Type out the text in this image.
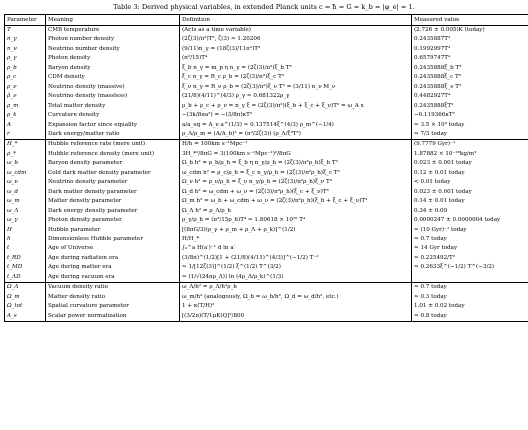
Table 3: Derived physical variables, in extended Planck units c = ħ = G = k_b = |φ_e| = 1.
Parameter	Meaning	Definition	Measured value
T	CMB temperature	(Acts as a time variable)	(2.726 ± 0.005)K (today)
n_γ	Photon number density	(2ζ(3)/π²)T³, ζ(3) ≈ 1.20206	0.2435887T³
n_ν	Neutrino number density	(9/11)n_γ = (18ζ(3)/11π²)T³	0.1992997T³
ρ_γ	Photon density	(π²/15)T⁴	0.6579747T⁴
ρ_b	Baryon density	ξ_b n_γ = m_p η n_γ = (2ζ(3)/π²)ξ_b T³	0.2435888ξ_b T³
ρ_c	CDM density	ξ_c n_γ = R_c ρ_b = (2ζ(3)/π²)ξ_c T³	0.2435888ξ_c T³
ρ_ν	Neutrino density (massive)	ξ_ν n_γ = R_ν ρ_b = (2ζ(3)/π²)ξ_ν T³ = (3/11) n_ν M_ν	0.2435888ξ_ν T³
ρ̃_ν	Neutrino density (massless)	(21/8)(4/11)^(4/3) ρ_γ ≈ 0.681322ρ_γ	0.4482927T⁴
ρ_m	Total matter density	ρ_b + ρ_c + ρ_ν = n_γ ξ = (2ζ(3)/π²)(ξ_b + ξ_c + ξ_ν)T³ = ω_A x	0.2435888ξT³
ρ_k	Curvature density	−(3k/8πa²) = −(3/8π)κT²	−0.119366κT²
A	Expansion factor since equality	a/a_eq = A_ν a^(1/3) ≈ 0.137514ξ^(4/3) ρ_m^(−1/4)	≈ 3.5 × 10³ today
r	Dark energy/matter ratio	ρ_Λ/ρ_m = (A/A_b)³ = (π²/2ζ(3)) (ρ_Λ/ξ³T³)	≈ 7/3 today
H_*	Hubble reference rate (mere unit)	H/h = 100km s⁻¹Mpc⁻¹	(9.7779 Gyr)⁻¹
ρ_*	Hubble reference density (mere unit)	3H_*²/8πG = 3(100km s⁻¹Mpc⁻¹)²/8πG	1.87882 × 10⁻²⁶kg/m³
ω_b	Baryon density parameter	Ω_b h² = ρ_b/ρ_h = ξ_b η n_γ/ρ_h = (2ζ(3)/π²ρ_h)ξ_b T³	0.023 ± 0.001 today
ω_cdm	Cold dark matter density parameter	ω_cdm h² = ρ_c/ρ_h = ξ_c n_γ/ρ_h = (2ζ(3)/π²ρ_h)ξ_c T³	0.12 ± 0.01 today
ω_ν	Neutrino density parameter	Ω_ν h² = ρ_ν/ρ_h = ξ_ν n_γ/ρ_h = (2ζ(3)/π²ρ_h)ξ_ν T³	< 0.01 today
ω_d	Dark matter density parameter	Ω_d h² = ω_cdm + ω_ν = (2ζ(3)/π²ρ_h)(ξ_c + ξ_ν)T³	0.023 ± 0.001 today
ω_m	Matter density parameter	Ω_m h² = ω_b + ω_cdm + ω_ν = (2ζ(3)/π²ρ_h)(ξ_b + ξ_c + ξ_ν)T³	0.14 ± 0.01 today
ω_Λ	Dark energy density parameter	Ω_Λ h² = ρ_Λ/ρ_h	0.34 ± 0.09
ω_γ	Photon density parameter	ρ_γ/ρ_h = (π²/15ρ_h)T⁴ ≈ 1.80618 × 10¹⁶ T⁴	0.0000247 ± 0.0000004 today
H	Hubble parameter	[(8πG/3)(ρ_γ + ρ_m + ρ_Λ + ρ_k)]^(1/2)	≈ (10 Gyr)⁻¹ today
h	Dimensionless Hubble parameter	H/H_*	≈ 0.7 today
t	Age of Universe	∫₀^a H(a′)⁻¹ d ln a′	≈ 14 Gyr today
t_RD	Age during radiation era	(3/8π)^(1/2)[1 + (21/8)(4/11)^(4/3)]^(−1/2) T⁻²	≈ 0.225492/T²
t_MD	Age during matter era	≈ 1/[12ζ(3)]^(1/2) ξ^(1/2) T^(3/2)	≈ 0.2633ξ^(−1/2) T^(−3/2)
t_ΛD	Age during vacuum era	≈ (1/√(24πρ_Λ)) ln (4ρ_Λ/ρ_k)^(1/3)	
Ω_Λ	Vacuum density ratio	ω_Λ/h² = ρ_Λ/h²ρ_h	≈ 0.7 today
Ω_m	Matter density ratio	ω_m/h² (analogously, Ω_b = ω_b/h², Ω_d = ω_d/h², etc.)	≈ 0.3 today
Ω_tot	Spatial curvature parameter	1 + κ(T/H)²	1.01 ± 0.02 today
A_s	Scalar power normalization	[(3/2π)(T/1μK)Q]²/800	≈ 0.8 today
